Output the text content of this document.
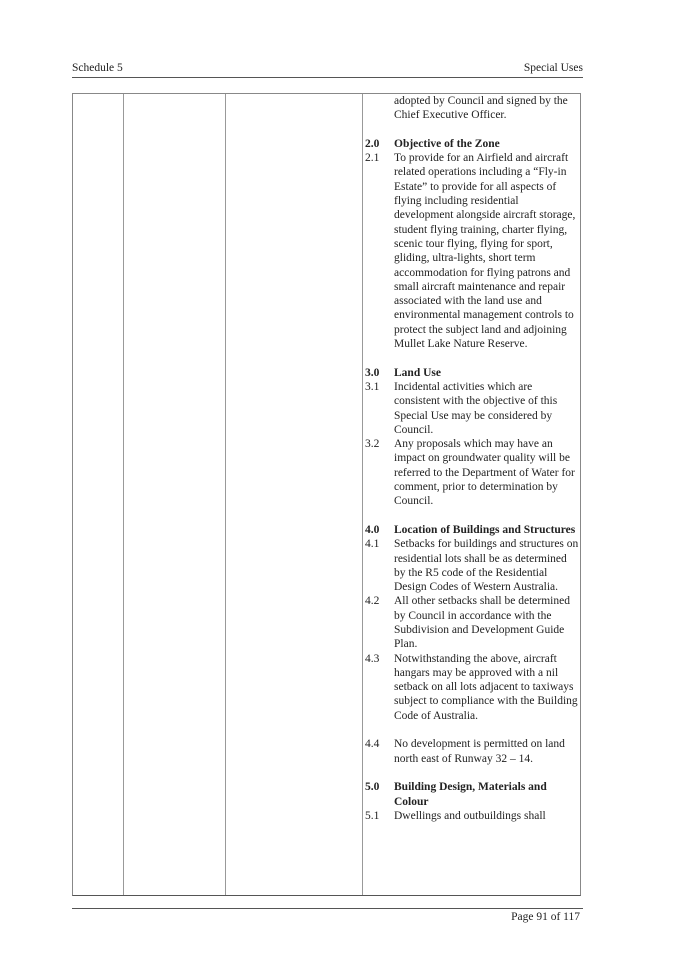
Schedule 5	Special Uses
adopted by Council and signed by the Chief Executive Officer.
2.0	Objective of the Zone
2.1	To provide for an Airfield and aircraft related operations including a “Fly-in Estate” to provide for all aspects of flying including residential development alongside aircraft storage, student flying training, charter flying, scenic tour flying, flying for sport, gliding, ultra-lights, short term accommodation for flying patrons and small aircraft maintenance and repair associated with the land use and environmental management controls to protect the subject land and adjoining Mullet Lake Nature Reserve.
3.0	Land Use
3.1	Incidental activities which are consistent with the objective of this Special Use may be considered by Council.
3.2	Any proposals which may have an impact on groundwater quality will be referred to the Department of Water for comment, prior to determination by Council.
4.0	Location of Buildings and Structures
4.1	Setbacks for buildings and structures on residential lots shall be as determined by the R5 code of the Residential Design Codes of Western Australia.
4.2	All other setbacks shall be determined by Council in accordance with the Subdivision and Development Guide Plan.
4.3	Notwithstanding the above, aircraft hangars may be approved with a nil setback on all lots adjacent to taxiways subject to compliance with the Building Code of Australia.
4.4	No development is permitted on land north east of Runway 32 – 14.
5.0	Building Design, Materials and Colour
5.1	Dwellings and outbuildings shall
Page 91 of 117
